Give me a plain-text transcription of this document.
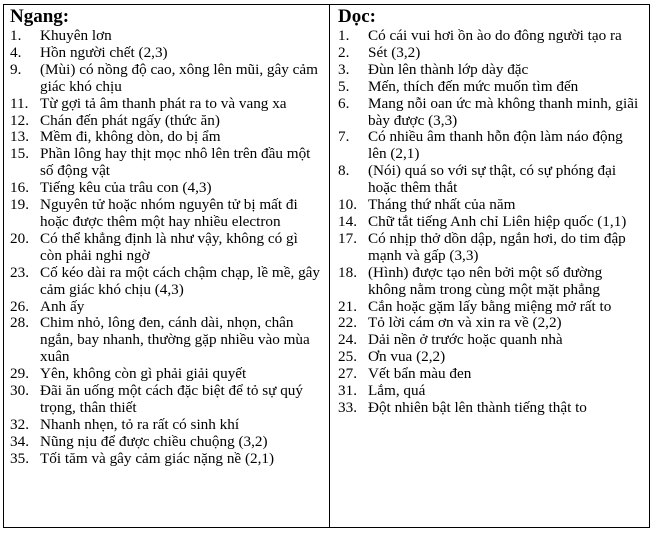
Ngang:
1.	Khuyên lơn
4.	Hồn người chết (2,3)
9.	(Mùi) có nồng độ cao, xông lên mũi, gây cảm giác khó chịu
11. Từ gợi tả âm thanh phát ra to và vang xa
12. Chán đến phát ngấy (thức ăn)
13. Mềm đi, không dòn, do bị ẩm
15. Phần lông hay thịt mọc nhô lên trên đầu một số động vật
16. Tiếng kêu của trâu con (4,3)
19. Nguyên tử hoặc nhóm nguyên tử bị mất đi hoặc được thêm một hay nhiều electron
20. Có thể khẳng định là như vậy, không có gì còn phải nghi ngờ
23. Cố kéo dài ra một cách chậm chạp, lề mề, gây cảm giác khó chịu (4,3)
26. Anh ấy
28. Chim nhỏ, lông đen, cánh dài, nhọn, chân ngắn, bay nhanh, thường gặp nhiều vào mùa xuân
29. Yên, không còn gì phải giải quyết
30. Đãi ăn uống một cách đặc biệt để tỏ sự quý trọng, thân thiết
32. Nhanh nhẹn, tỏ ra rất có sinh khí
34. Nũng nịu để được chiều chuộng (3,2)
35. Tối tăm và gây cảm giác nặng nề (2,1)
Dọc:
1.	Có cái vui hơi ồn ào do đông người tạo ra
2.	Sét (3,2)
3.	Đùn lên thành lớp dày đặc
5.	Mến, thích đến mức muốn tìm đến
6.	Mang nỗi oan ức mà không thanh minh, giãi bày được (3,3)
7.	Có nhiều âm thanh hỗn độn làm náo động lên (2,1)
8.	(Nói) quá so với sự thật, có sự phóng đại hoặc thêm thắt
10. Tháng thứ nhất của năm
14. Chữ tắt tiếng Anh chỉ Liên hiệp quốc (1,1)
17. Có nhịp thở dồn dập, ngắn hơi, do tim đập mạnh và gấp (3,3)
18. (Hình) được tạo nên bởi một số đường không nằm trong cùng một mặt phẳng
21. Cắn hoặc gặm lấy bằng miệng mở rất to
22. Tỏ lời cám ơn và xin ra về (2,2)
24. Dải nền ở trước hoặc quanh nhà
25. Ơn vua (2,2)
27. Vết bẩn màu đen
31. Lắm, quá
33. Đột nhiên bật lên thành tiếng thật to
